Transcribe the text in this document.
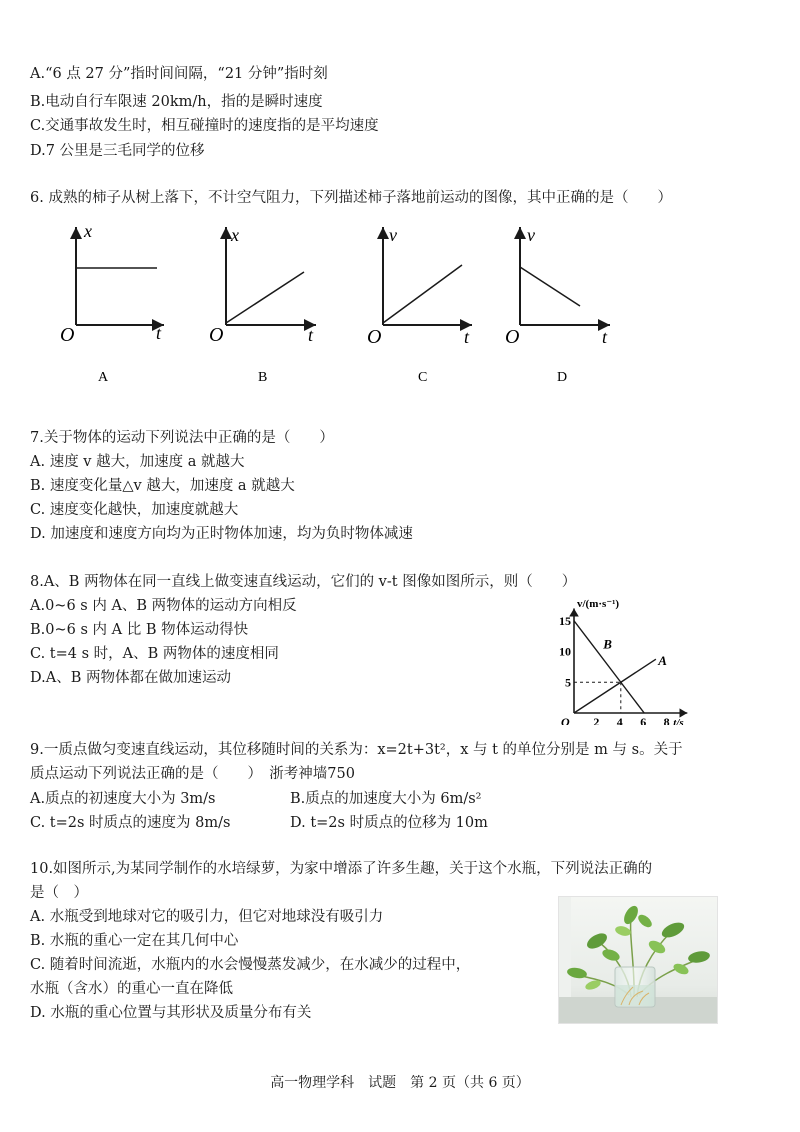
A.“6 点 27 分”指时间间隔，“21 分钟”指时刻
B.电动自行车限速 20km/h，指的是瞬时速度
C.交通事故发生时，相互碰撞时的速度指的是平均速度
D.7 公里是三毛同学的位移
6. 成熟的柿子从树上落下，不计空气阻力，下列描述柿子落地前运动的图像，其中正确的是（　　）
x
O	t
A
x
O	t
B
v
O	t
C
v
O	t
D
7.关于物体的运动下列说法中正确的是（　　）
A. 速度 v 越大，加速度 a 就越大
B. 速度变化量△v 越大，加速度 a 就越大
C. 速度变化越快，加速度就越大
D. 加速度和速度方向均为正时物体加速，均为负时物体减速
8.A、B 两物体在同一直线上做变速直线运动，它们的 v-t 图像如图所示，则（　　）
A.0~6 s 内 A、B 两物体的运动方向相反
B.0~6 s 内 A 比 B 物体运动得快
C. t=4 s 时，A、B 两物体的速度相同
D.A、B 两物体都在做加速运动
B
A
2 4 6 8
5
10
15
O
v/(m·s⁻¹)
t/s
9.一质点做匀变速直线运动，其位移随时间的关系为：x=2t+3t²，x 与 t 的单位分别是 m 与 s。关于
质点运动下列说法正确的是（　　）　浙考神墙750
A.质点的初速度大小为 3m/s	B.质点的加速度大小为 6m/s²
C. t=2s 时质点的速度为 8m/s	D. t=2s 时质点的位移为 10m
10.如图所示,为某同学制作的水培绿萝，为家中增添了许多生趣，关于这个水瓶，下列说法正确的
是（　）
A. 水瓶受到地球对它的吸引力，但它对地球没有吸引力
B. 水瓶的重心一定在其几何中心
C. 随着时间流逝，水瓶内的水会慢慢蒸发减少，在水减少的过程中，
水瓶（含水）的重心一直在降低
D. 水瓶的重心位置与其形状及质量分布有关
高一物理学科　试题　第 2 页（共 6 页）
